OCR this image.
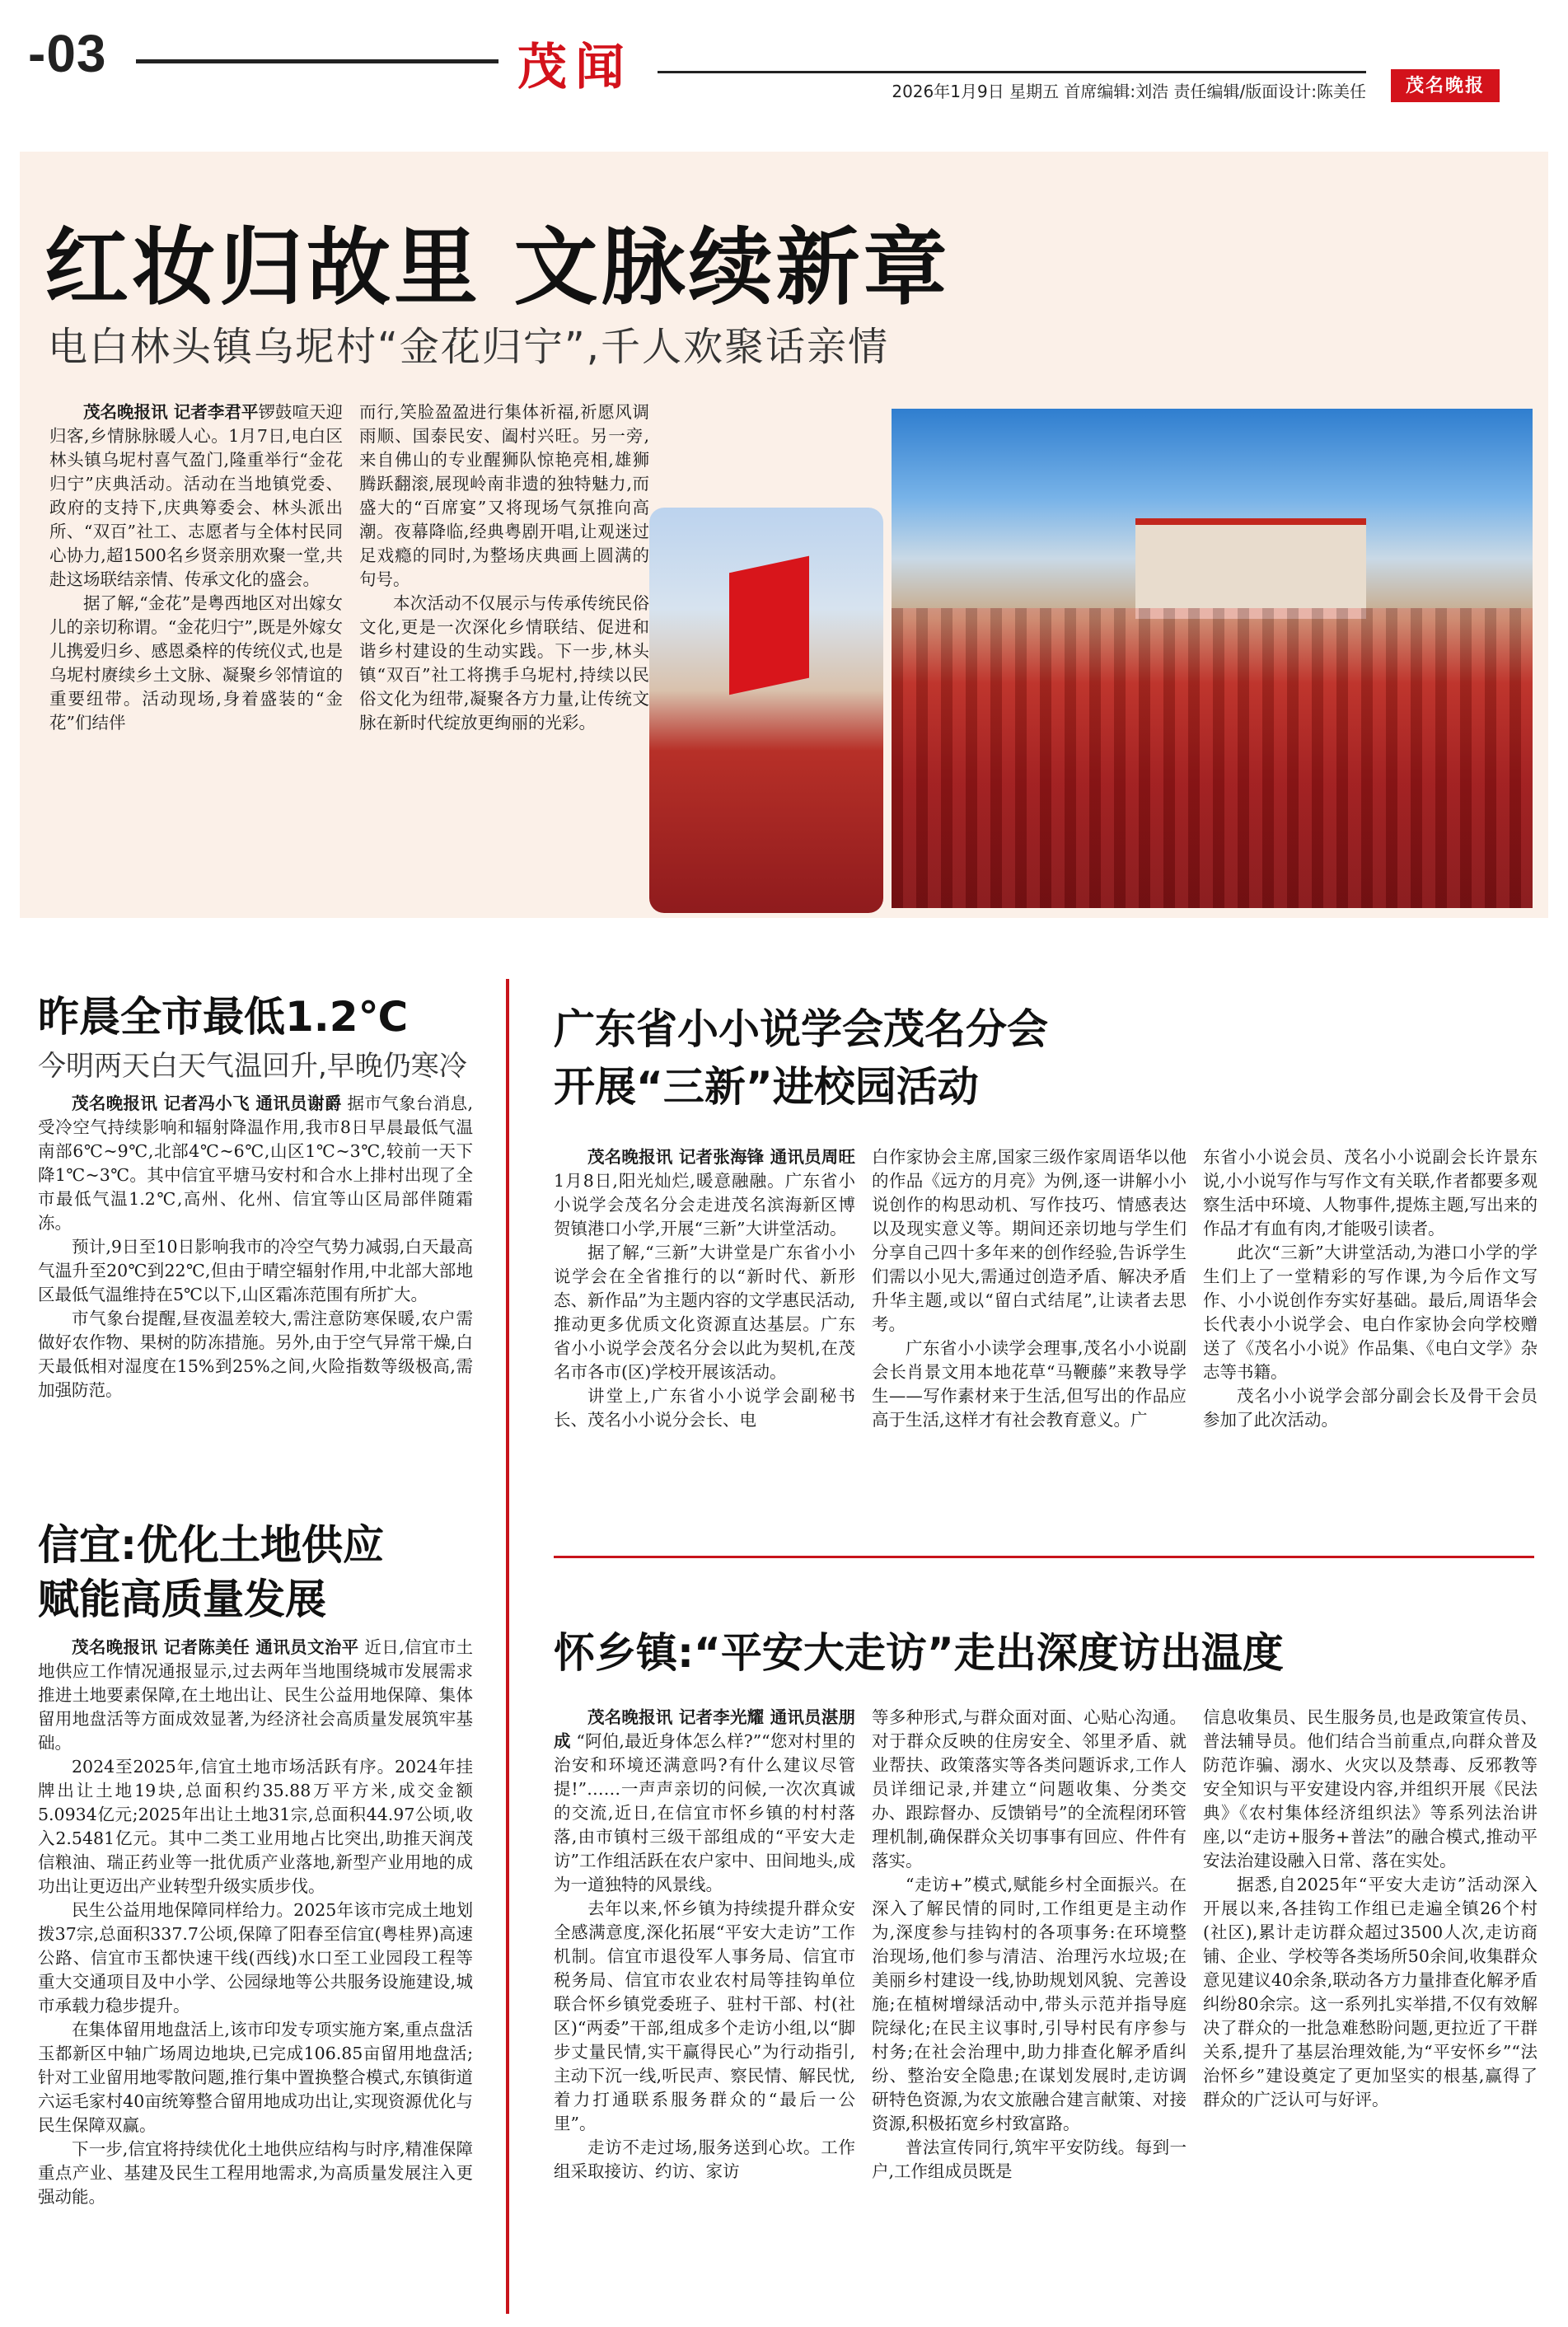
-03	茂闻	2026年1月9日 星期五 首席编辑:刘浩 责任编辑/版面设计:陈美任	茂名晚报
红妆归故里 文脉续新章
电白林头镇乌坭村“金花归宁”,千人欢聚话亲情

茂名晚报讯 记者李君平锣鼓喧天迎归客,乡情脉脉暖人心。1月7日,电白区林头镇乌坭村喜气盈门,隆重举行“金花归宁”庆典活动。活动在当地镇党委、政府的支持下,庆典筹委会、林头派出所、“双百”社工、志愿者与全体村民同心协力,超1500名乡贤亲朋欢聚一堂,共赴这场联结亲情、传承文化的盛会。

据了解,“金花”是粤西地区对出嫁女儿的亲切称谓。“金花归宁”,既是外嫁女儿携爱归乡、感恩桑梓的传统仪式,也是乌坭村赓续乡土文脉、凝聚乡邻情谊的重要纽带。活动现场,身着盛装的“金花”们结伴

而行,笑脸盈盈进行集体祈福,祈愿风调雨顺、国泰民安、阖村兴旺。另一旁,来自佛山的专业醒狮队惊艳亮相,雄狮腾跃翻滚,展现岭南非遗的独特魅力,而盛大的“百席宴”又将现场气氛推向高潮。夜幕降临,经典粤剧开唱,让观迷过足戏瘾的同时,为整场庆典画上圆满的句号。

本次活动不仅展示与传承传统民俗文化,更是一次深化乡情联结、促进和谐乡村建设的生动实践。下一步,林头镇“双百”社工将携手乌坭村,持续以民俗文化为纽带,凝聚各方力量,让传统文脉在新时代绽放更绚丽的光彩。

昨晨全市最低1.2℃
今明两天白天气温回升,早晚仍寒冷

茂名晚报讯 记者冯小飞 通讯员谢爵 据市气象台消息,受冷空气持续影响和辐射降温作用,我市8日早晨最低气温南部6℃~9℃,北部4℃~6℃,山区1℃~3℃,较前一天下降1℃~3℃。其中信宜平塘马安村和合水上排村出现了全市最低气温1.2℃,高州、化州、信宜等山区局部伴随霜冻。

预计,9日至10日影响我市的冷空气势力减弱,白天最高气温升至20℃到22℃,但由于晴空辐射作用,中北部大部地区最低气温维持在5℃以下,山区霜冻范围有所扩大。

市气象台提醒,昼夜温差较大,需注意防寒保暖,农户需做好农作物、果树的防冻措施。另外,由于空气异常干燥,白天最低相对湿度在15%到25%之间,火险指数等级极高,需加强防范。

信宜:优化土地供应
赋能高质量发展

茂名晚报讯 记者陈美任 通讯员文治平 近日,信宜市土地供应工作情况通报显示,过去两年当地围绕城市发展需求推进土地要素保障,在土地出让、民生公益用地保障、集体留用地盘活等方面成效显著,为经济社会高质量发展筑牢基础。

2024至2025年,信宜土地市场活跃有序。2024年挂牌出让土地19块,总面积约35.88万平方米,成交金额5.0934亿元;2025年出让土地31宗,总面积44.97公顷,收入2.5481亿元。其中二类工业用地占比突出,助推天润茂信粮油、瑞正药业等一批优质产业落地,新型产业用地的成功出让更迈出产业转型升级实质步伐。

民生公益用地保障同样给力。2025年该市完成土地划拨37宗,总面积337.7公顷,保障了阳春至信宜(粤桂界)高速公路、信宜市玉都快速干线(西线)水口至工业园段工程等重大交通项目及中小学、公园绿地等公共服务设施建设,城市承载力稳步提升。

在集体留用地盘活上,该市印发专项实施方案,重点盘活玉都新区中轴广场周边地块,已完成106.85亩留用地盘活;针对工业留用地零散问题,推行集中置换整合模式,东镇街道六运毛家村40亩统筹整合留用地成功出让,实现资源优化与民生保障双赢。

下一步,信宜将持续优化土地供应结构与时序,精准保障重点产业、基建及民生工程用地需求,为高质量发展注入更强动能。

广东省小小说学会茂名分会
开展“三新”进校园活动

茂名晚报讯 记者张海锋 通讯员周旺 1月8日,阳光灿烂,暖意融融。广东省小小说学会茂名分会走进茂名滨海新区博贺镇港口小学,开展“三新”大讲堂活动。

据了解,“三新”大讲堂是广东省小小说学会在全省推行的以“新时代、新形态、新作品”为主题内容的文学惠民活动,推动更多优质文化资源直达基层。广东省小小说学会茂名分会以此为契机,在茂名市各市(区)学校开展该活动。

讲堂上,广东省小小说学会副秘书长、茂名小小说分会长、电

白作家协会主席,国家三级作家周语华以他的作品《远方的月亮》为例,逐一讲解小小说创作的构思动机、写作技巧、情感表达以及现实意义等。期间还亲切地与学生们分享自己四十多年来的创作经验,告诉学生们需以小见大,需通过创造矛盾、解决矛盾升华主题,或以“留白式结尾”,让读者去思考。

广东省小小读学会理事,茂名小小说副会长肖景文用本地花草“马鞭藤”来教导学生——写作素材来于生活,但写出的作品应高于生活,这样才有社会教育意义。广

东省小小说会员、茂名小小说副会长许景东说,小小说写作与写作文有关联,作者都要多观察生活中环境、人物事件,提炼主题,写出来的作品才有血有肉,才能吸引读者。

此次“三新”大讲堂活动,为港口小学的学生们上了一堂精彩的写作课,为今后作文写作、小小说创作夯实好基础。最后,周语华会长代表小小说学会、电白作家协会向学校赠送了《茂名小小说》作品集、《电白文学》杂志等书籍。

茂名小小说学会部分副会长及骨干会员参加了此次活动。

怀乡镇:“平安大走访”走出深度访出温度

茂名晚报讯 记者李光耀 通讯员湛朋成 “阿伯,最近身体怎么样?”“您对村里的治安和环境还满意吗?有什么建议尽管提!”……一声声亲切的问候,一次次真诚的交流,近日,在信宜市怀乡镇的村村落落,由市镇村三级干部组成的“平安大走访”工作组活跃在农户家中、田间地头,成为一道独特的风景线。

去年以来,怀乡镇为持续提升群众安全感满意度,深化拓展“平安大走访”工作机制。信宜市退役军人事务局、信宜市税务局、信宜市农业农村局等挂钩单位联合怀乡镇党委班子、驻村干部、村(社区)“两委”干部,组成多个走访小组,以“脚步丈量民情,实干赢得民心”为行动指引,主动下沉一线,听民声、察民情、解民忧,着力打通联系服务群众的“最后一公里”。

走访不走过场,服务送到心坎。工作组采取接访、约访、家访

等多种形式,与群众面对面、心贴心沟通。对于群众反映的住房安全、邻里矛盾、就业帮扶、政策落实等各类问题诉求,工作人员详细记录,并建立“问题收集、分类交办、跟踪督办、反馈销号”的全流程闭环管理机制,确保群众关切事事有回应、件件有落实。

“走访+”模式,赋能乡村全面振兴。在深入了解民情的同时,工作组更是主动作为,深度参与挂钩村的各项事务:在环境整治现场,他们参与清洁、治理污水垃圾;在美丽乡村建设一线,协助规划风貌、完善设施;在植树增绿活动中,带头示范并指导庭院绿化;在民主议事时,引导村民有序参与村务;在社会治理中,助力排查化解矛盾纠纷、整治安全隐患;在谋划发展时,走访调研特色资源,为农文旅融合建言献策、对接资源,积极拓宽乡村致富路。

普法宣传同行,筑牢平安防线。每到一户,工作组成员既是

信息收集员、民生服务员,也是政策宣传员、普法辅导员。他们结合当前重点,向群众普及防范诈骗、溺水、火灾以及禁毒、反邪教等安全知识与平安建设内容,并组织开展《民法典》《农村集体经济组织法》等系列法治讲座,以“走访+服务+普法”的融合模式,推动平安法治建设融入日常、落在实处。

据悉,自2025年“平安大走访”活动深入开展以来,各挂钩工作组已走遍全镇26个村(社区),累计走访群众超过3500人次,走访商铺、企业、学校等各类场所50余间,收集群众意见建议40余条,联动各方力量排查化解矛盾纠纷80余宗。这一系列扎实举措,不仅有效解决了群众的一批急难愁盼问题,更拉近了干群关系,提升了基层治理效能,为“平安怀乡”“法治怀乡”建设奠定了更加坚实的根基,赢得了群众的广泛认可与好评。
